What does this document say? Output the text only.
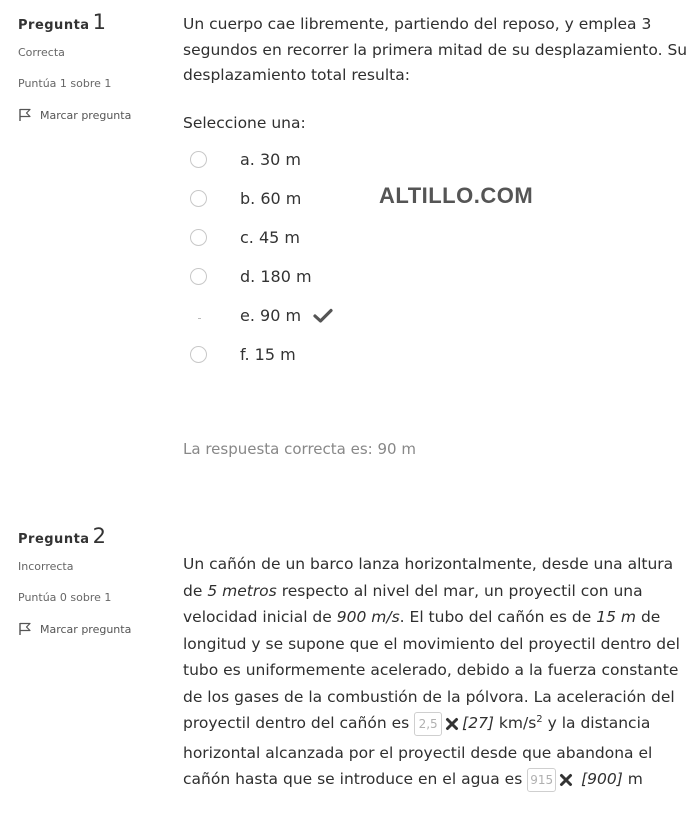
Pregunta 1
Correcta
Puntúa 1 sobre 1
Marcar pregunta
Un cuerpo cae libremente, partiendo del reposo, y emplea 3 segundos en recorrer la primera mitad de su desplazamiento. Su desplazamiento total resulta:
Seleccione una:
a. 30 m
b. 60 m
c. 45 m
d. 180 m
e. 90 m
f. 15 m
La respuesta correcta es: 90 m
ALTILLO.COM
Pregunta 2
Incorrecta
Puntúa 0 sobre 1
Marcar pregunta

Un cañón de un barco lanza horizontalmente, desde una altura de 5 metros respecto al nivel del mar, un proyectil con una velocidad inicial de 900 m/s. El tubo del cañón es de 15 m de longitud y se supone que el movimiento del proyectil dentro del tubo es uniformemente acelerado, debido a la fuerza constante de los gases de la combustión de la pólvora. La aceleración del proyectil dentro del cañón es 2,5 [27] $km/s^2$ y la distancia horizontal alcanzada por el proyectil desde que abandona el cañón hasta que se introduce en el agua es 915 [900] m
